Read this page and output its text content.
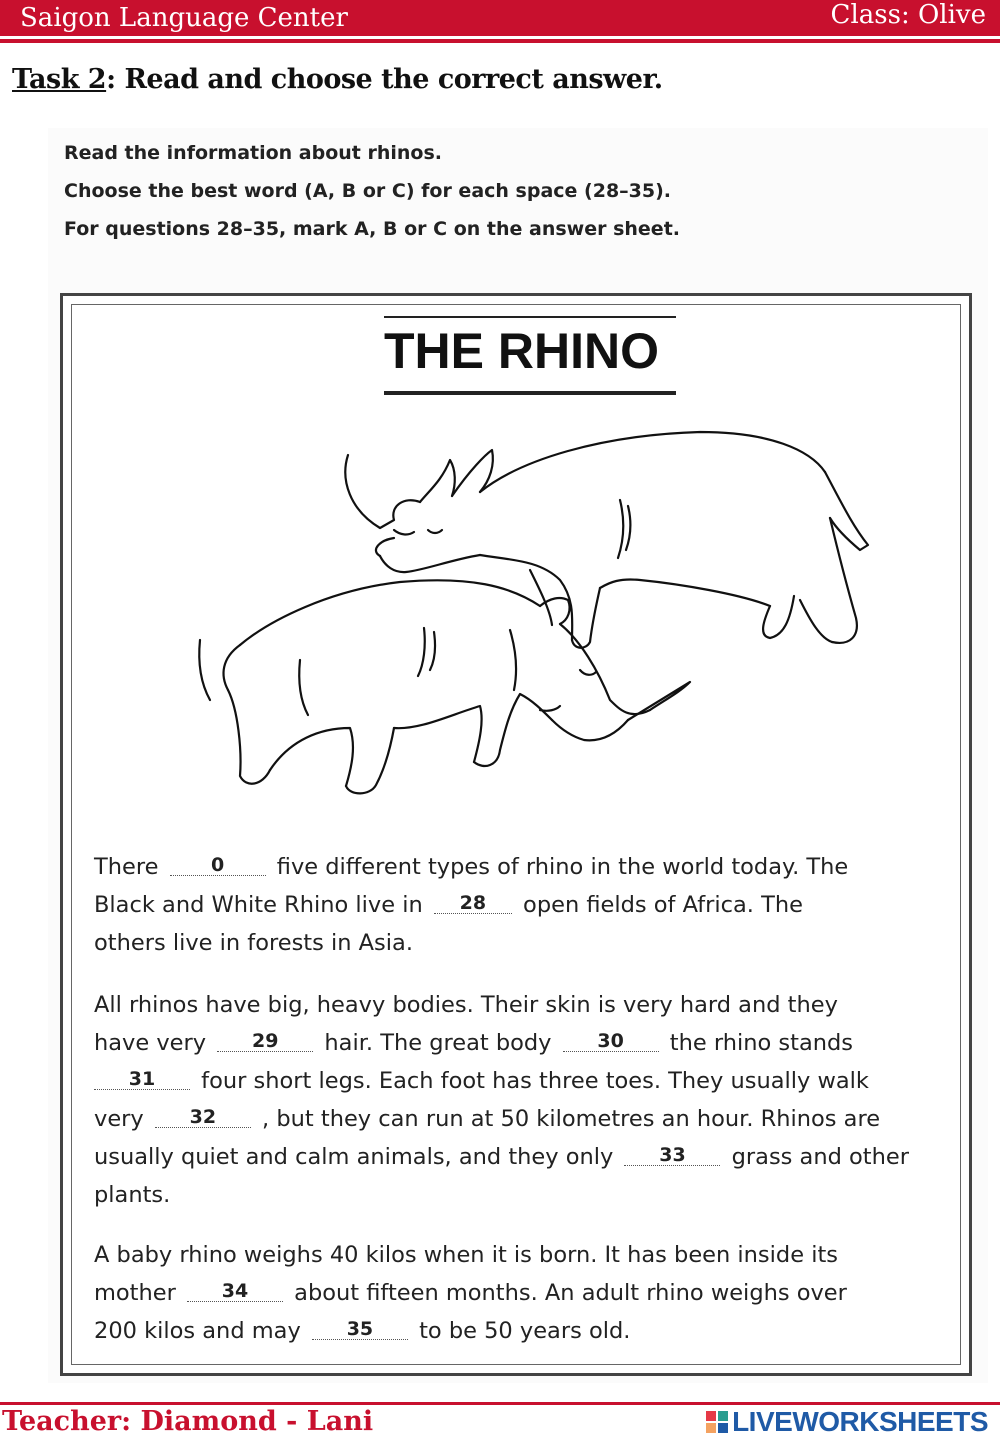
Saigon Language Center	Class: Olive
Task 2: Read and choose the correct answer.
Read the information about rhinos.
Choose the best word (A, B or C) for each space (28–35).
For questions 28–35, mark A, B or C on the answer sheet.
THE RHINO
There	0 five different types of rhino in the world today. The
Black and White Rhino live in 28 open fields of Africa. The
others live in forests in Asia.
All rhinos have big, heavy bodies. Their skin is very hard and they
have very 29 hair. The great body 30 the rhino stands
31 four short legs. Each foot has three toes. They usually walk
very 32 , but they can run at 50 kilometres an hour. Rhinos are
usually quiet and calm animals, and they only 33 grass and other
plants.
A baby rhino weighs 40 kilos when it is born. It has been inside its
mother 34 about fifteen months. An adult rhino weighs over
200 kilos and may 35 to be 50 years old.
Teacher: Diamond - Lani	LIVEWORKSHEETS
